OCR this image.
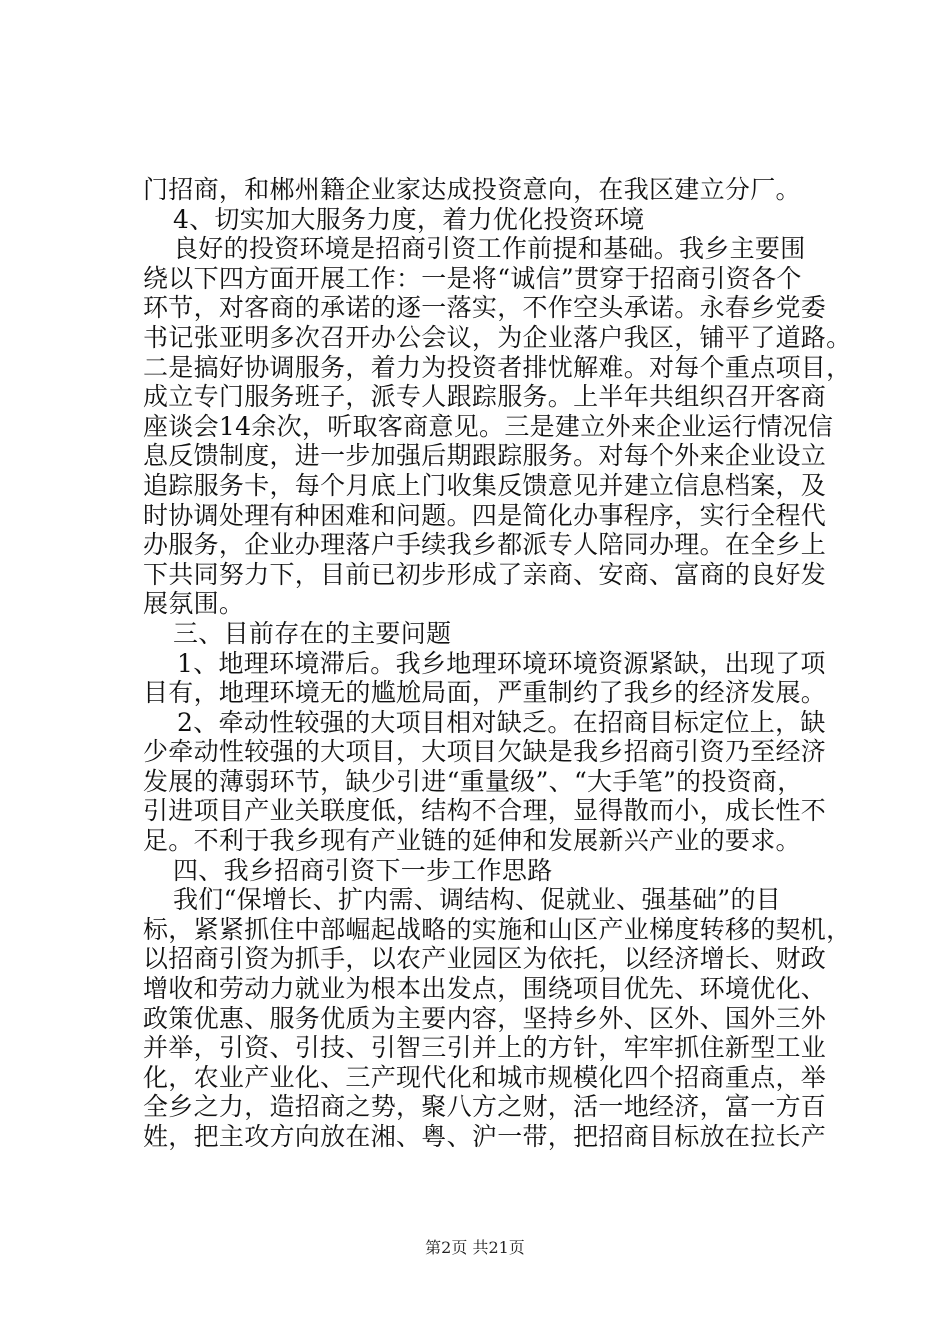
门招商，和郴州籍企业家达成投资意向，在我区建立分厂。
4、切实加大服务力度，着力优化投资环境
良好的投资环境是招商引资工作前提和基础。我乡主要围
绕以下四方面开展工作：一是将“诚信”贯穿于招商引资各个
环节，对客商的承诺的逐一落实，不作空头承诺。永春乡党委
书记张亚明多次召开办公会议，为企业落户我区，铺平了道路。
二是搞好协调服务，着力为投资者排忧解难。对每个重点项目，
成立专门服务班子，派专人跟踪服务。上半年共组织召开客商
座谈会14余次，听取客商意见。三是建立外来企业运行情况信
息反馈制度，进一步加强后期跟踪服务。对每个外来企业设立
追踪服务卡，每个月底上门收集反馈意见并建立信息档案，及
时协调处理有种困难和问题。四是简化办事程序，实行全程代
办服务，企业办理落户手续我乡都派专人陪同办理。在全乡上
下共同努力下，目前已初步形成了亲商、安商、富商的良好发
展氛围。
三、目前存在的主要问题
1、地理环境滞后。我乡地理环境环境资源紧缺，出现了项
目有，地理环境无的尴尬局面，严重制约了我乡的经济发展。
2、牵动性较强的大项目相对缺乏。在招商目标定位上，缺
少牵动性较强的大项目，大项目欠缺是我乡招商引资乃至经济
发展的薄弱环节，缺少引进“重量级”、“大手笔”的投资商，
引进项目产业关联度低，结构不合理，显得散而小，成长性不
足。不利于我乡现有产业链的延伸和发展新兴产业的要求。
四、我乡招商引资下一步工作思路
我们“保增长、扩内需、调结构、促就业、强基础”的目
标，紧紧抓住中部崛起战略的实施和山区产业梯度转移的契机，
以招商引资为抓手，以农产业园区为依托，以经济增长、财政
增收和劳动力就业为根本出发点，围绕项目优先、环境优化、
政策优惠、服务优质为主要内容，坚持乡外、区外、国外三外
并举，引资、引技、引智三引并上的方针，牢牢抓住新型工业
化，农业产业化、三产现代化和城市规模化四个招商重点，举
全乡之力，造招商之势，聚八方之财，活一地经济，富一方百
姓，把主攻方向放在湘、粤、沪一带，把招商目标放在拉长产
第2页 共21页
